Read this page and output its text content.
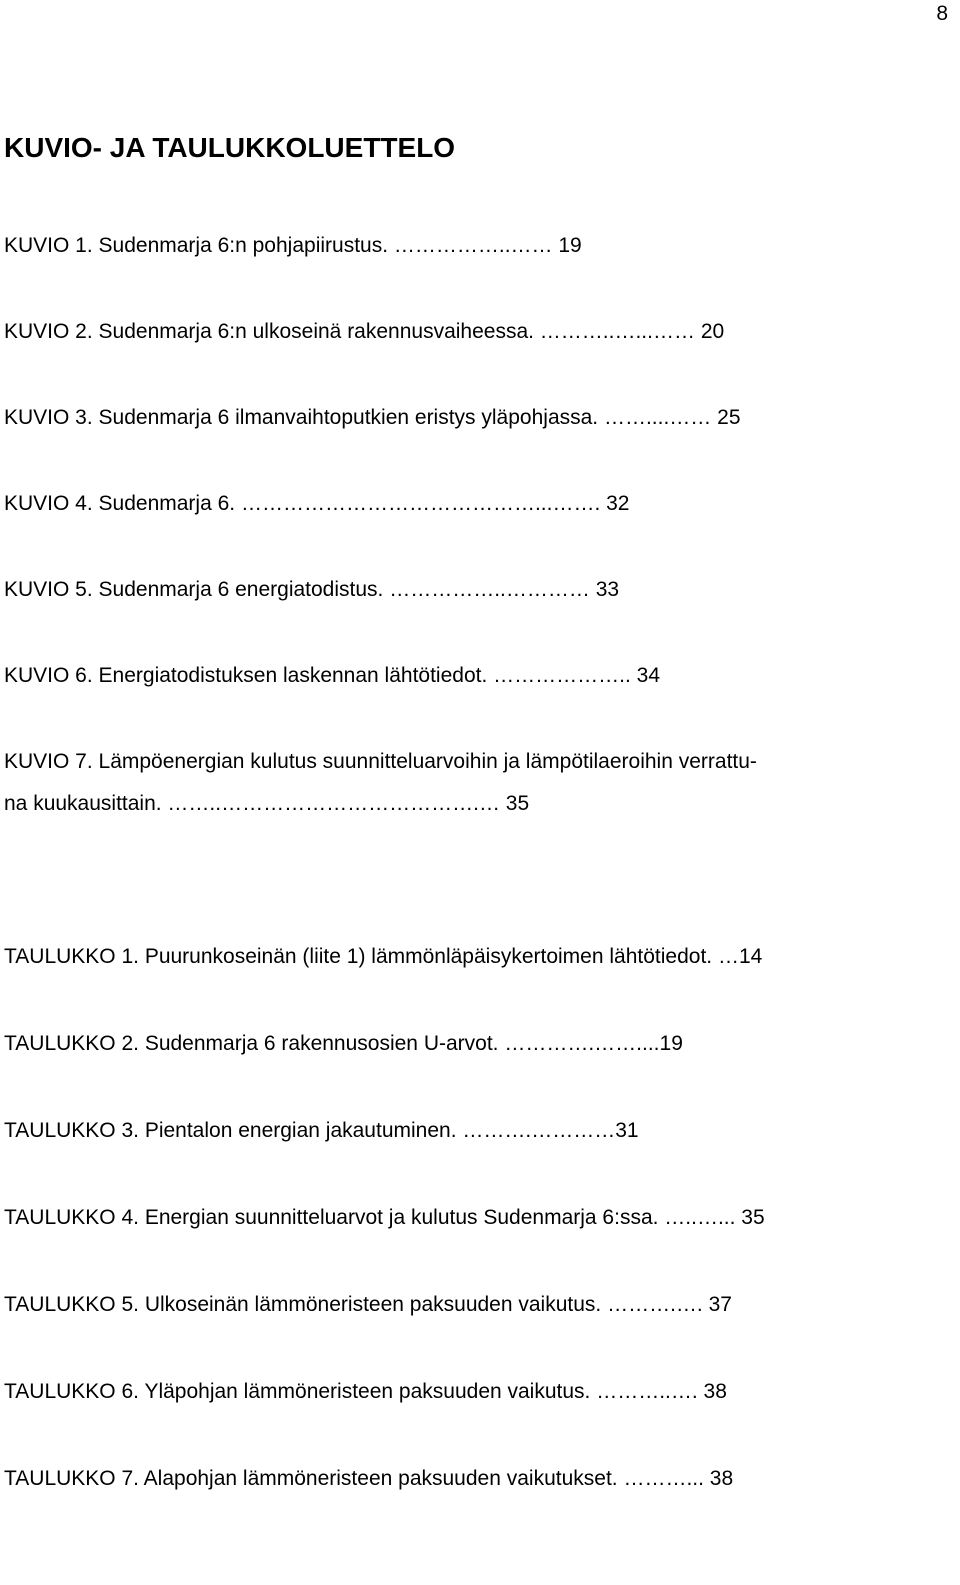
8
KUVIO- JA TAULUKKOLUETTELO
KUVIO 1. Sudenmarja 6:n pohjapiirustus. ……………..…… 19
KUVIO 2. Sudenmarja 6:n ulkoseinä rakennusvaiheessa. ………..…...…… 20
KUVIO 3. Sudenmarja 6 ilmanvaihtoputkien eristys yläpohjassa. ……....…… 25
KUVIO 4. Sudenmarja 6. ……………………………………...……. 32
KUVIO 5. Sudenmarja 6 energiatodistus. ……………..………… 33
KUVIO 6. Energiatodistuksen laskennan lähtötiedot. ……………….. 34
KUVIO 7. Lämpöenergian kulutus suunnitteluarvoihin ja lämpötilaeroihin verrattu-
na kuukausittain. ……..……………………………….… 35
TAULUKKO 1. Puurunkoseinän (liite 1) lämmönläpäisykertoimen lähtötiedot. …14
TAULUKKO 2. Sudenmarja 6 rakennusosien U-arvot. ………….……....19
TAULUKKO 3. Pientalon energian jakautuminen. ……….…………31
TAULUKKO 4. Energian suunnitteluarvot ja kulutus Sudenmarja 6:ssa. …..…... 35
TAULUKKO 5. Ulkoseinän lämmöneristeen paksuuden vaikutus. ……….…. 37
TAULUKKO 6. Yläpohjan lämmöneristeen paksuuden vaikutus. ………..…. 38
TAULUKKO 7. Alapohjan lämmöneristeen paksuuden vaikutukset. ………... 38
